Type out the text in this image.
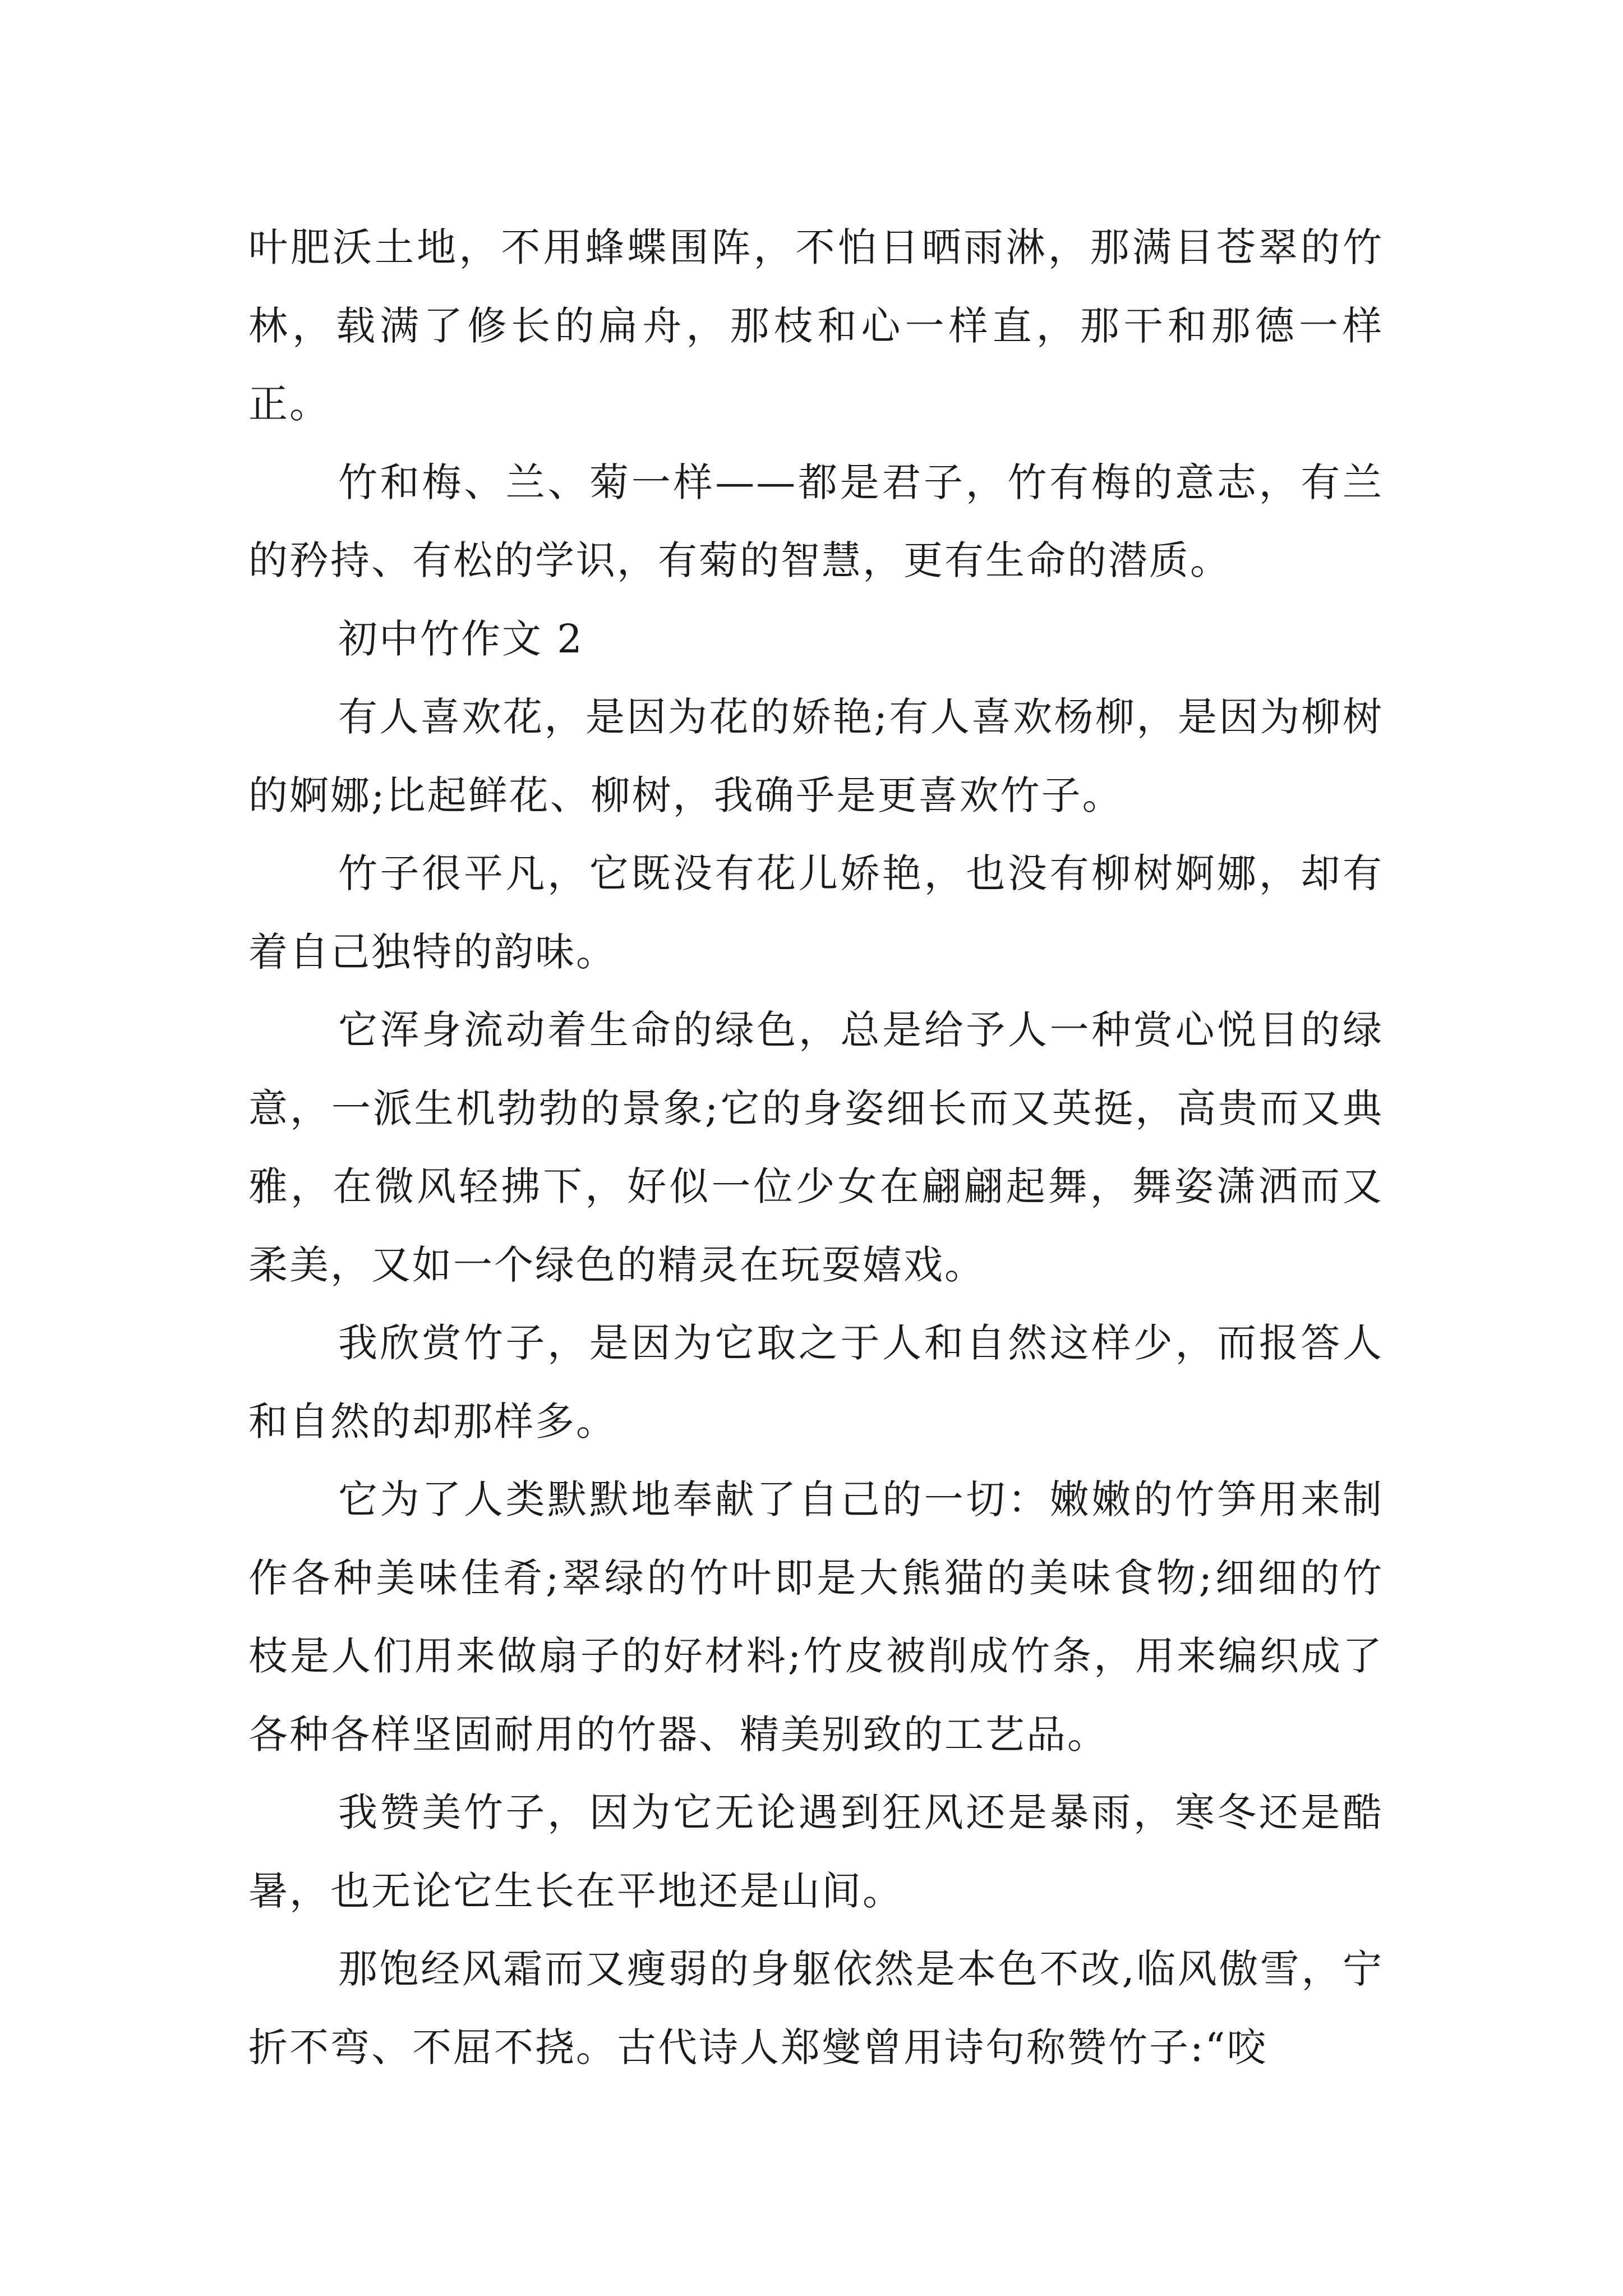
叶肥沃土地，不用蜂蝶围阵，不怕日晒雨淋，那满目苍翠的竹林，载满了修长的扁舟，那枝和心一样直，那干和那德一样正。

竹和梅、兰、菊一样——都是君子，竹有梅的意志，有兰的矜持、有松的学识，有菊的智慧，更有生命的潜质。

初中竹作文 2

有人喜欢花，是因为花的娇艳;有人喜欢杨柳，是因为柳树的婀娜;比起鲜花、柳树，我确乎是更喜欢竹子。

竹子很平凡，它既没有花儿娇艳，也没有柳树婀娜，却有着自己独特的韵味。

它浑身流动着生命的绿色，总是给予人一种赏心悦目的绿意，一派生机勃勃的景象;它的身姿细长而又英挺，高贵而又典雅，在微风轻拂下，好似一位少女在翩翩起舞，舞姿潇洒而又柔美，又如一个绿色的精灵在玩耍嬉戏。

我欣赏竹子，是因为它取之于人和自然这样少，而报答人和自然的却那样多。

它为了人类默默地奉献了自己的一切：嫩嫩的竹笋用来制作各种美味佳肴;翠绿的竹叶即是大熊猫的美味食物;细细的竹枝是人们用来做扇子的好材料;竹皮被削成竹条，用来编织成了各种各样坚固耐用的竹器、精美别致的工艺品。

我赞美竹子，因为它无论遇到狂风还是暴雨，寒冬还是酷暑，也无论它生长在平地还是山间。

那饱经风霜而又瘦弱的身躯依然是本色不改,临风傲雪，宁折不弯、不屈不挠。古代诗人郑燮曾用诗句称赞竹子:“咬
